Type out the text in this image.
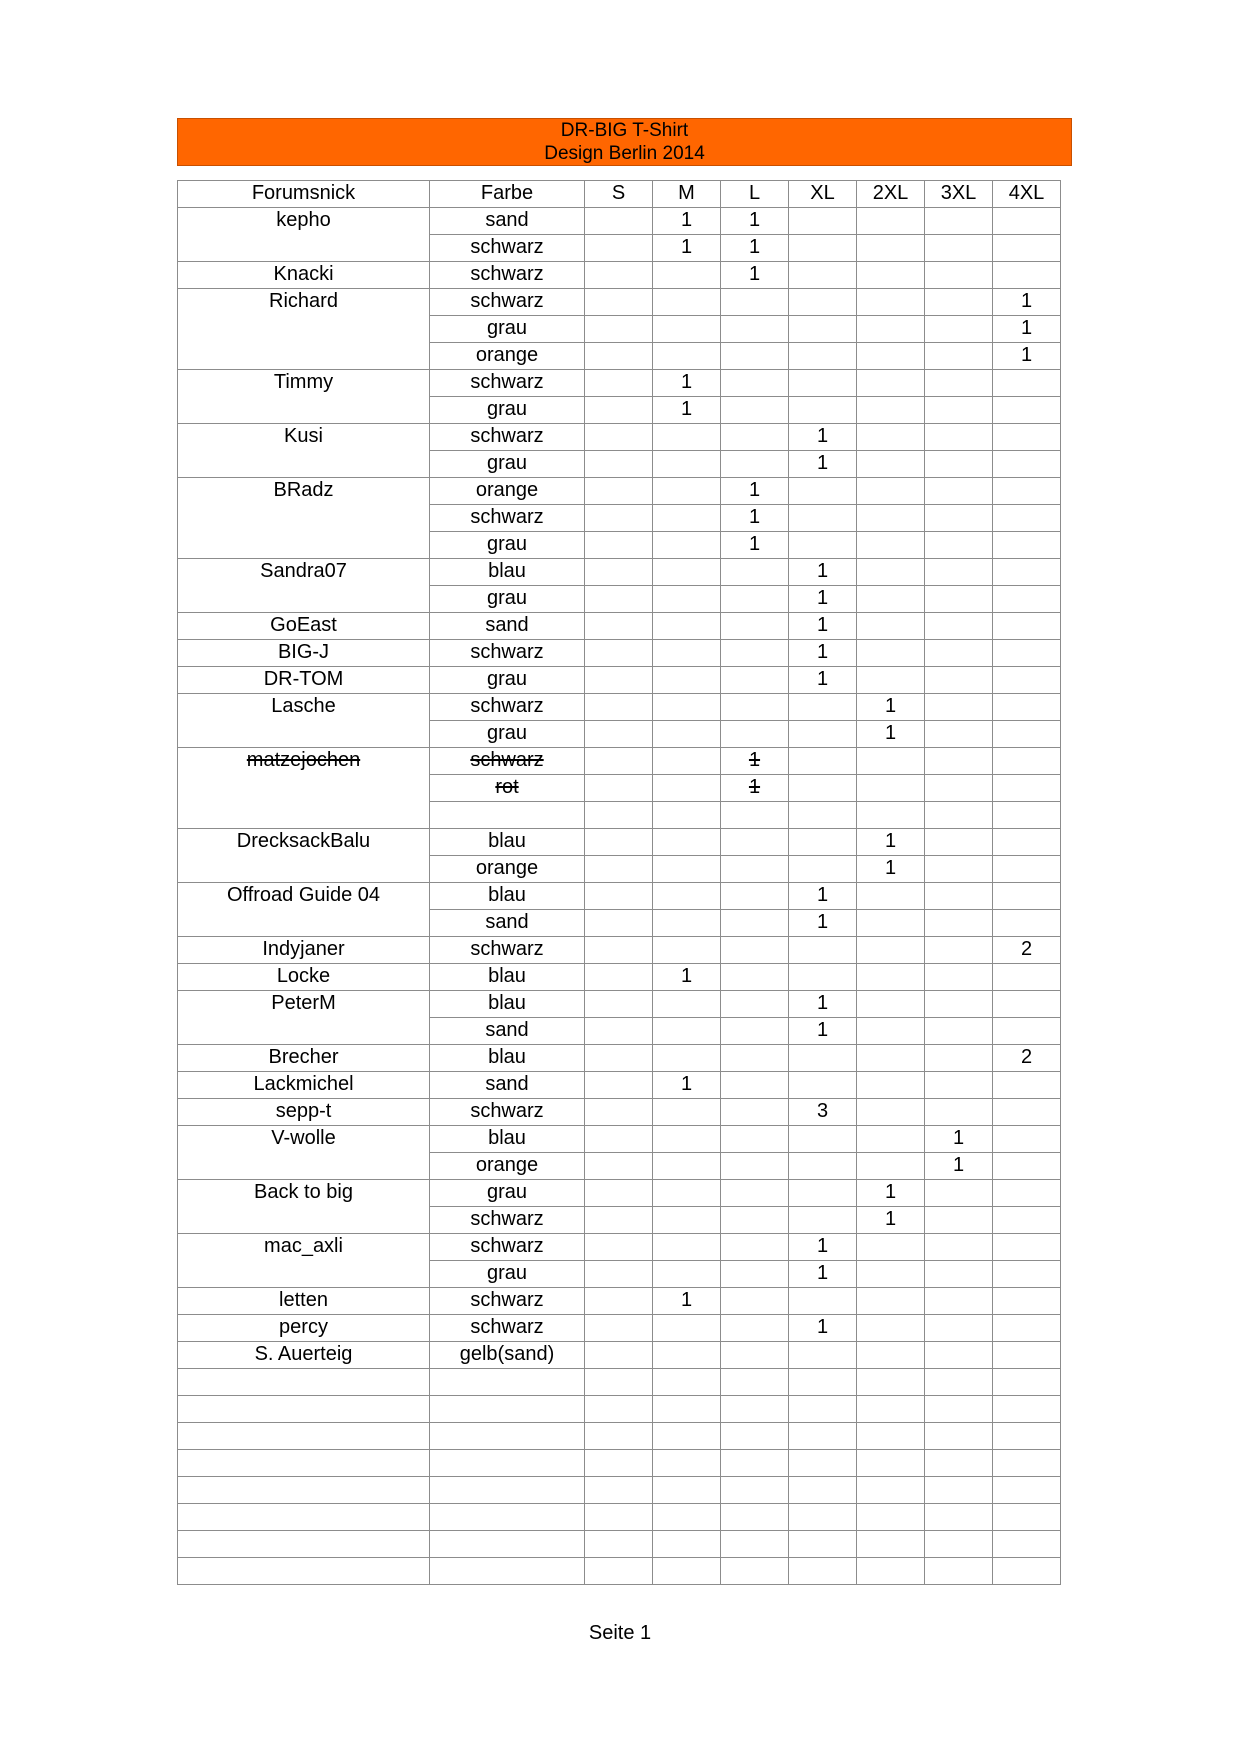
DR-BIG T-Shirt
Design Berlin 2014
Forumsnick	Farbe	S	M	L	XL	2XL	3XL	4XL
kepho	sand		1	1				
	schwarz		1	1				
Knacki	schwarz			1				
Richard	schwarz							1
	grau							1
	orange							1
Timmy	schwarz		1					
	grau		1					
Kusi	schwarz				1			
	grau				1			
BRadz	orange			1				
	schwarz			1				
	grau			1				
Sandra07	blau				1			
	grau				1			
GoEast	sand				1			
BIG-J	schwarz				1			
DR-TOM	grau				1			
Lasche	schwarz					1		
	grau					1		
matzejochen	schwarz			1				
	rot			1				

DrecksackBalu	blau					1		
	orange					1		
Offroad Guide 04	blau				1			
	sand				1			
Indyjaner	schwarz							2
Locke	blau		1					
PeterM	blau				1			
	sand				1			
Brecher	blau							2
Lackmichel	sand		1					
sepp-t	schwarz				3			
V-wolle	blau						1	
	orange						1	
Back to big	grau					1		
	schwarz					1		
mac_axli	schwarz				1			
	grau				1			
letten	schwarz		1					
percy	schwarz				1			
S. Auerteig	gelb(sand)							

Seite 1
